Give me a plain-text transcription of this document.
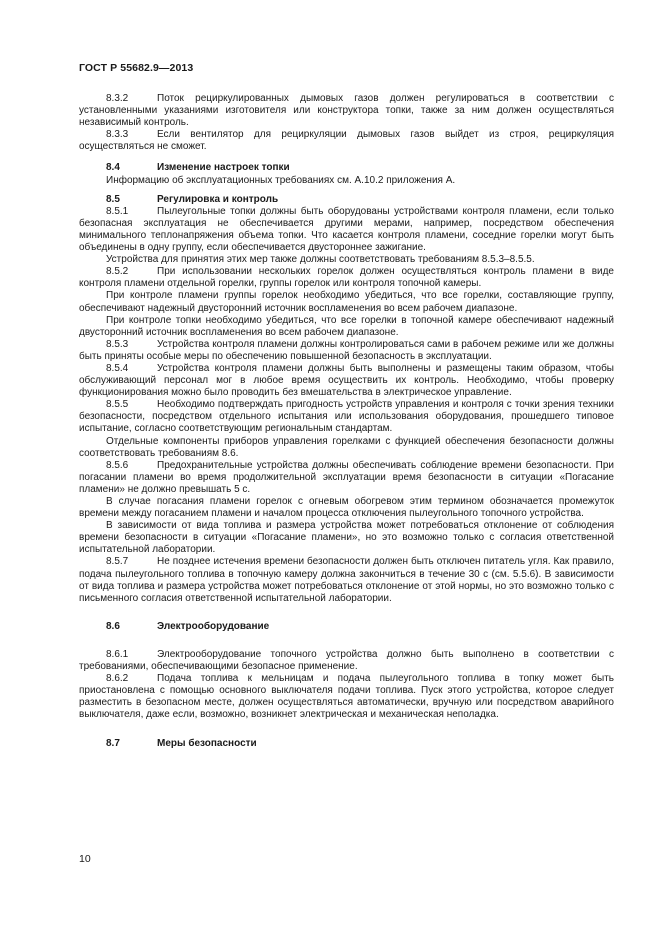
ГОСТ Р 55682.9—2013

8.3.2	Поток рециркулированных дымовых газов должен регулироваться в соответствии с установленными указаниями изготовителя или конструктора топки, также за ним должен осуществляться независимый контроль.

8.3.3	Если вентилятор для рециркуляции дымовых газов выйдет из строя, рециркуляция осуществляться не сможет.

8.4	Изменение настроек топки

Информацию об эксплуатационных требованиях см. А.10.2 приложения А.

8.5	Регулировка и контроль

8.5.1	Пылеугольные топки должны быть оборудованы устройствами контроля пламени, если только безопасная эксплуатация не обеспечивается другими мерами, например, посредством обеспечения минимального теплонапряжения объема топки. Что касается контроля пламени, соседние горелки могут быть объединены в одну группу, если обеспечивается двустороннее зажигание.

Устройства для принятия этих мер также должны соответствовать требованиям 8.5.3–8.5.5.

8.5.2	При использовании нескольких горелок должен осуществляться контроль пламени в виде контроля пламени отдельной горелки, группы горелок или контроля топочной камеры.

При контроле пламени группы горелок необходимо убедиться, что все горелки, составляющие группу, обеспечивают надежный двусторонний источник воспламенения во всем рабочем диапазоне.

При контроле топки необходимо убедиться, что все горелки в топочной камере обеспечивают надежный двусторонний источник воспламенения во всем рабочем диапазоне.

8.5.3	Устройства контроля пламени должны контролироваться сами в рабочем режиме или же должны быть приняты особые меры по обеспечению повышенной безопасность в эксплуатации.

8.5.4	Устройства контроля пламени должны быть выполнены и размещены таким образом, чтобы обслуживающий персонал мог в любое время осуществить их контроль. Необходимо, чтобы проверку функционирования можно было проводить без вмешательства в электрическое управление.

8.5.5	Необходимо подтверждать пригодность устройств управления и контроля с точки зрения техники безопасности, посредством отдельного испытания или использования оборудования, прошедшего типовое испытание, согласно соответствующим региональным стандартам.

Отдельные компоненты приборов управления горелками с функцией обеспечения безопасности должны соответствовать требованиям 8.6.

8.5.6	Предохранительные устройства должны обеспечивать соблюдение времени безопасности. При погасании пламени во время продолжительной эксплуатации время безопасности в ситуации «Погасание пламени» не должно превышать 5 с.

В случае погасания пламени горелок с огневым обогревом этим термином обозначается промежуток времени между погасанием пламени и началом процесса отключения пылеугольного топочного устройства.

В зависимости от вида топлива и размера устройства может потребоваться отклонение от соблюдения времени безопасности в ситуации «Погасание пламени», но это возможно только с согласия ответственной испытательной лаборатории.

8.5.7	Не позднее истечения времени безопасности должен быть отключен питатель угля. Как правило, подача пылеугольного топлива в топочную камеру должна закончиться в течение 30 с (см. 5.5.6). В зависимости от вида топлива и размера устройства может потребоваться отклонение от этой нормы, но это возможно только с письменного согласия ответственной испытательной лаборатории.

8.6	Электрооборудование

8.6.1	Электрооборудование топочного устройства должно быть выполнено в соответствии с требованиями, обеспечивающими безопасное применение.

8.6.2	Подача топлива к мельницам и подача пылеугольного топлива в топку может быть приостановлена с помощью основного выключателя подачи топлива. Пуск этого устройства, которое следует разместить в безопасном месте, должен осуществляться автоматически, вручную или посредством аварийного выключателя, даже если, возможно, возникнет электрическая и механическая неполадка.

8.7	Меры безопасности

10
